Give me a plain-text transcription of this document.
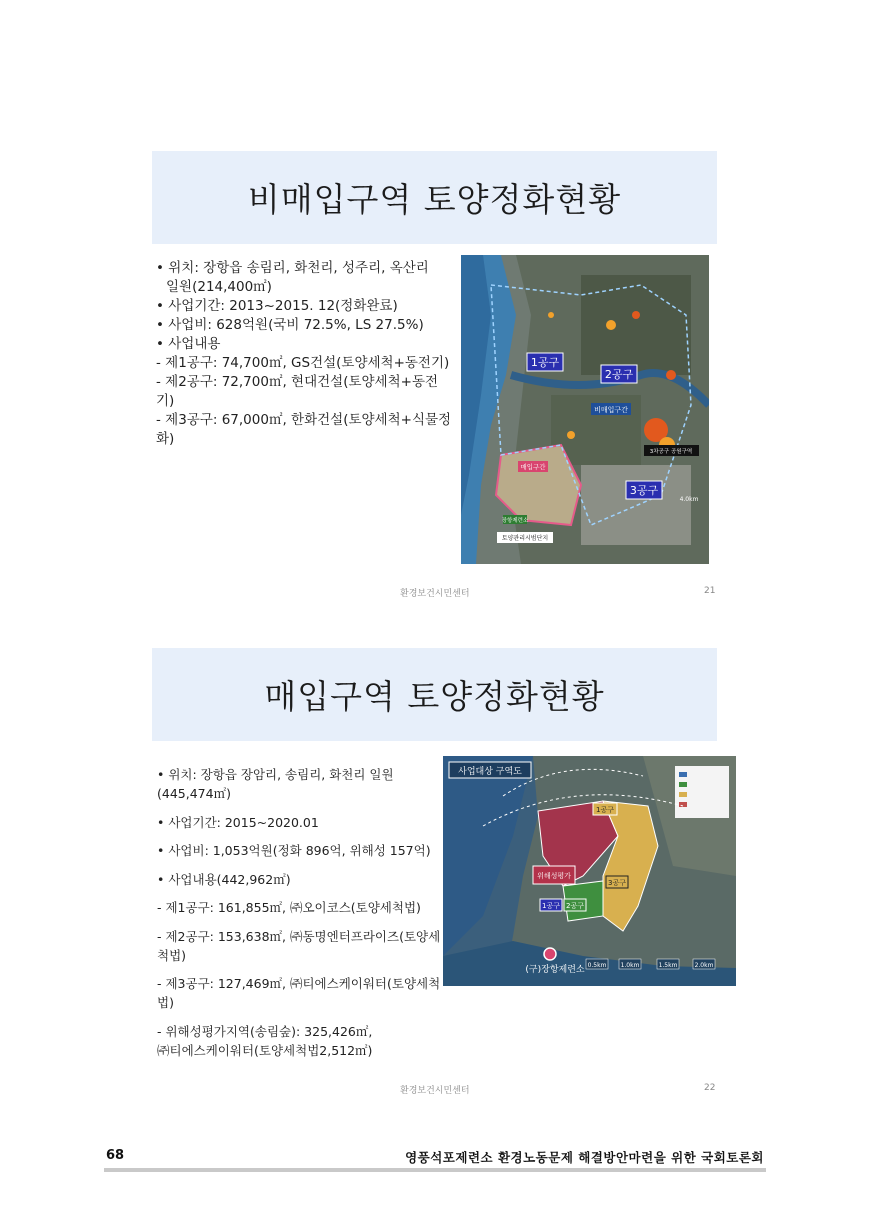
비매입구역 토양정화현황
• 위치: 장항읍 송림리, 화천리, 성주리, 옥산리
일원(214,400㎡)
• 사업기간: 2013~2015. 12(정화완료)
• 사업비: 628억원(국비 72.5%, LS 27.5%)
• 사업내용
- 제1공구: 74,700㎡, GS건설(토양세척+동전기)
- 제2공구: 72,700㎡, 현대건설(토양세척+동전기)
- 제3공구: 67,000㎡, 한화건설(토양세척+식물정화)
1공구
2공구
3공구
비매입구간
매입구간
3차공구 공원구역
4.0km
장항제련소
토양관리시범단지
환경보건시민센터	21
매입구역 토양정화현황
• 위치: 장항읍 장암리, 송림리, 화천리 일원(445,474㎡)
• 사업기간: 2015~2020.01
• 사업비: 1,053억원(정화 896억, 위해성 157억)
• 사업내용(442,962㎡)
- 제1공구: 161,855㎡, ㈜오이코스(토양세척법)
- 제2공구: 153,638㎡, ㈜동명엔터프라이즈(토양세척법)
- 제3공구: 127,469㎡, ㈜티에스케이워터(토양세척법)
- 위해성평가지역(송림숲): 325,426㎡,
㈜티에스케이워터(토양세척법2,512㎡)
위해성평가
1공구
1공구 2공구
3공구
사업대상 구역도
(구)장항제련소 0.5km 1.0km	1.5km	2.0km
환경보건시민센터	22
68	영풍석포제련소 환경노동문제 해결방안마련을 위한 국회토론회
